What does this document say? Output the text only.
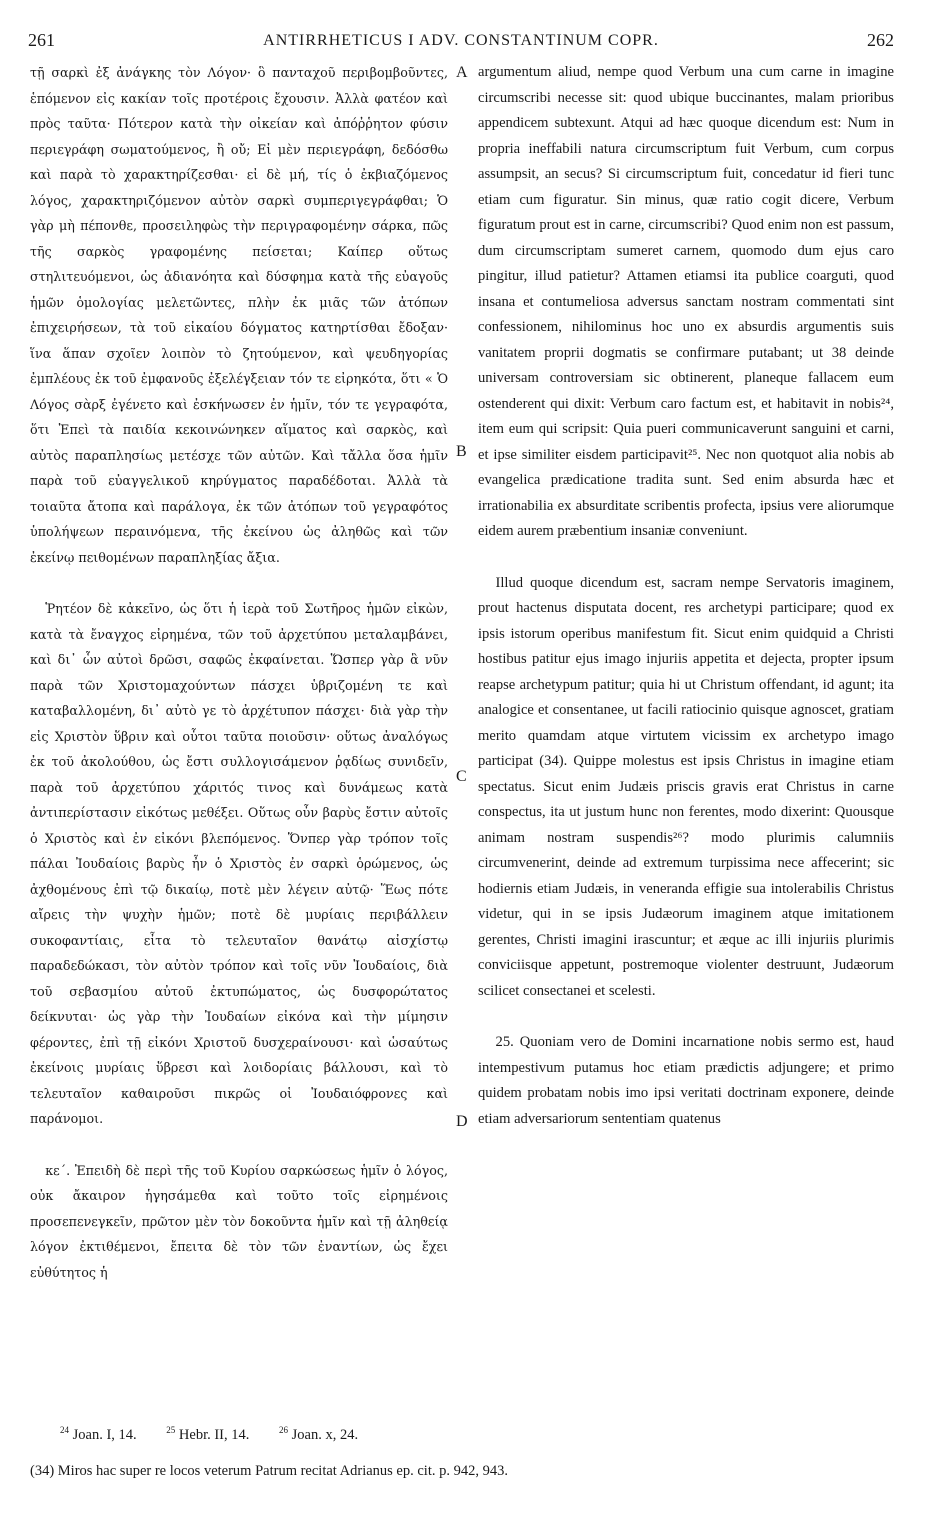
261	ANTIRRHETICUS I ADV. CONSTANTINUM COPR.	262

τῇ σαρκὶ ἐξ ἀνάγκης τὸν Λόγον· ὃ πανταχοῦ περιβομβοῦντες, ἑπόμενον εἰς κακίαν τοῖς προτέροις ἔχουσιν. Ἀλλὰ φατέον καὶ πρὸς ταῦτα· Πότερον κατὰ τὴν οἰκείαν καὶ ἀπόῤῥητον φύσιν περιεγράφη σωματούμενος, ἢ οὔ; Εἰ μὲν περιεγράφη, δεδόσθω καὶ παρὰ τὸ χαρακτηρίζεσθαι· εἰ δὲ μή, τίς ὁ ἐκβιαζόμενος λόγος, χαρακτηριζόμενον αὐτὸν σαρκὶ συμπεριγεγράφθαι; Ὁ γὰρ μὴ πέπονθε, προσειληφὼς τὴν περιγραφομένην σάρκα, πῶς τῆς σαρκὸς γραφομένης πείσεται; Καίπερ οὕτως στηλιτευόμενοι, ὡς ἀδιανόητα καὶ δύσφημα κατὰ τῆς εὐαγοῦς ἡμῶν ὁμολογίας μελετῶντες, πλὴν ἐκ μιᾶς τῶν ἀτόπων ἐπιχειρήσεων, τὰ τοῦ εἰκαίου δόγματος κατηρτίσθαι ἔδοξαν· ἵνα ἅπαν σχοῖεν λοιπὸν τὸ ζητούμενον, καὶ ψευδηγορίας ἐμπλέους ἐκ τοῦ ἐμφανοῦς ἐξελέγξειαν τόν τε εἰρηκότα, ὅτι « Ὁ Λόγος σὰρξ ἐγένετο καὶ ἐσκήνωσεν ἐν ἡμῖν, τόν τε γεγραφότα, ὅτι Ἐπεὶ τὰ παιδία κεκοινώνηκεν αἵματος καὶ σαρκὸς, καὶ αὐτὸς παραπλησίως μετέσχε τῶν αὐτῶν. Καὶ τἄλλα ὅσα ἡμῖν παρὰ τοῦ εὐαγγελικοῦ κηρύγματος παραδέδοται. Ἀλλὰ τὰ τοιαῦτα ἄτοπα καὶ παράλογα, ἐκ τῶν ἀτόπων τοῦ γεγραφότος ὑπολήψεων περαινόμενα, τῆς ἐκείνου ὡς ἀληθῶς καὶ τῶν ἐκείνῳ πειθομένων παραπληξίας ἄξια.

Ῥητέον δὲ κἀκεῖνο, ὡς ὅτι ἡ ἱερὰ τοῦ Σωτῆρος ἡμῶν εἰκὼν, κατὰ τὰ ἔναγχος εἰρημένα, τῶν τοῦ ἀρχετύπου μεταλαμβάνει, καὶ δι᾽ ὧν αὐτοὶ δρῶσι, σαφῶς ἐκφαίνεται. Ὥσπερ γὰρ ἃ νῦν παρὰ τῶν Χριστομαχούντων πάσχει ὑβριζομένη τε καὶ καταβαλλομένη, δι᾽ αὐτὸ γε τὸ ἀρχέτυπον πάσχει· διὰ γὰρ τὴν εἰς Χριστὸν ὕβριν καὶ οὗτοι ταῦτα ποιοῦσιν· οὕτως ἀναλόγως ἐκ τοῦ ἀκολούθου, ὡς ἔστι συλλογισάμενον ῥᾳδίως συνιδεῖν, παρὰ τοῦ ἀρχετύπου χάριτός τινος καὶ δυνάμεως κατὰ ἀντιπερίστασιν εἰκότως μεθέξει. Οὕτως οὖν βαρὺς ἔστιν αὐτοῖς ὁ Χριστὸς καὶ ἐν εἰκόνι βλεπόμενος. Ὅνπερ γὰρ τρόπον τοῖς πάλαι Ἰουδαίοις βαρὺς ἦν ὁ Χριστὸς ἐν σαρκὶ ὁρώμενος, ὡς ἀχθομένους ἐπὶ τῷ δικαίῳ, ποτὲ μὲν λέγειν αὐτῷ· Ἕως πότε αἴρεις τὴν ψυχὴν ἡμῶν; ποτὲ δὲ μυρίαις περιβάλλειν συκοφαντίαις, εἶτα τὸ τελευταῖον θανάτῳ αἰσχίστῳ παραδεδώκασι, τὸν αὐτὸν τρόπον καὶ τοῖς νῦν Ἰουδαίοις, διὰ τοῦ σεβασμίου αὐτοῦ ἐκτυπώματος, ὡς δυσφορώτατος δείκνυται· ὡς γὰρ τὴν Ἰουδαίων εἰκόνα καὶ τὴν μίμησιν φέροντες, ἐπὶ τῇ εἰκόνι Χριστοῦ δυσχεραίνουσι· καὶ ὡσαύτως ἐκείνοις μυρίαις ὕβρεσι καὶ λοιδορίαις βάλλουσι, καὶ τὸ τελευταῖον καθαιροῦσι πικρῶς οἱ Ἰουδαιόφρονες καὶ παράνομοι.

κε΄. Ἐπειδὴ δὲ περὶ τῆς τοῦ Κυρίου σαρκώσεως ἡμῖν ὁ λόγος, οὐκ ἄκαιρον ἡγησάμεθα καὶ τοῦτο τοῖς εἰρημένοις προσεπενεγκεῖν, πρῶτον μὲν τὸν δοκοῦντα ἡμῖν καὶ τῇ ἀληθείᾳ λόγον ἐκτιθέμενοι, ἔπειτα δὲ τὸν τῶν ἐναντίων, ὡς ἔχει εὐθύτητος ἡ

A
B
C
D

argumentum aliud, nempe quod Verbum una cum carne in imagine circumscribi necesse sit: quod ubique buccinantes, malam prioribus appendicem subtexunt. Atqui ad hæc quoque dicendum est: Num in propria ineffabili natura circumscriptum fuit Verbum, cum corpus assumpsit, an secus? Si circumscriptum fuit, concedatur id fieri tunc etiam cum figuratur. Sin minus, quæ ratio cogit dicere, Verbum figuratum prout est in carne, circumscribi? Quod enim non est passum, dum circumscriptam sumeret carnem, quomodo dum ejus caro pingitur, illud patietur? Attamen etiamsi ita publice coarguti, quod insana et contumeliosa adversus sanctam nostram commentati sint confessionem, nihilominus hoc uno ex absurdis argumentis suis vanitatem proprii dogmatis se confirmare putabant; ut 38 deinde universam controversiam sic obtinerent, planeque fallacem eum ostenderent qui dixit: Verbum caro factum est, et habitavit in nobis²⁴, item eum qui scripsit: Quia pueri communicaverunt sanguini et carni, et ipse similiter eisdem participavit²⁵. Nec non quotquot alia nobis ab evangelica prædicatione tradita sunt. Sed enim absurda hæc et irrationabilia ex absurditate scribentis profecta, ipsius vere aliorumque eidem aurem præbentium insaniæ conveniunt.

Illud quoque dicendum est, sacram nempe Servatoris imaginem, prout hactenus disputata docent, res archetypi participare; quod ex ipsis istorum operibus manifestum fit. Sicut enim quidquid a Christi hostibus patitur ejus imago injuriis appetita et dejecta, propter ipsum reapse archetypum patitur; quia hi ut Christum offendant, id agunt; ita analogice et consentanee, ut facili ratiocinio quisque agnoscet, gratiam merito quamdam atque virtutem vicissim ex archetypo imago participat (34). Quippe molestus est ipsis Christus in imagine etiam spectatus. Sicut enim Judæis priscis gravis erat Christus in carne conspectus, ita ut justum hunc non ferentes, modo dixerint: Quousque animam nostram suspendis²⁶? modo plurimis calumniis circumvenerint, deinde ad extremum turpissima nece affecerint; sic hodiernis etiam Judæis, in veneranda effigie sua intolerabilis Christus videtur, qui in se ipsis Judæorum imaginem atque imitationem gerentes, Christi imagini irascuntur; et æque ac illi injuriis plurimis conviciisque appetunt, postremoque violenter destruunt, Judæorum scilicet consectanei et scelesti.

25. Quoniam vero de Domini incarnatione nobis sermo est, haud intempestivum putamus hoc etiam prædictis adjungere; et primo quidem probatam nobis imo ipsi veritati doctrinam exponere, deinde etiam adversariorum sententiam quatenus

$^{24}$ Joan. I, 14.	$^{25}$ Hebr. II, 14.	$^{26}$ Joan. x, 24.
(34) Miros hac super re locos veterum Patrum recitat Adrianus ep. cit. p. 942, 943.
